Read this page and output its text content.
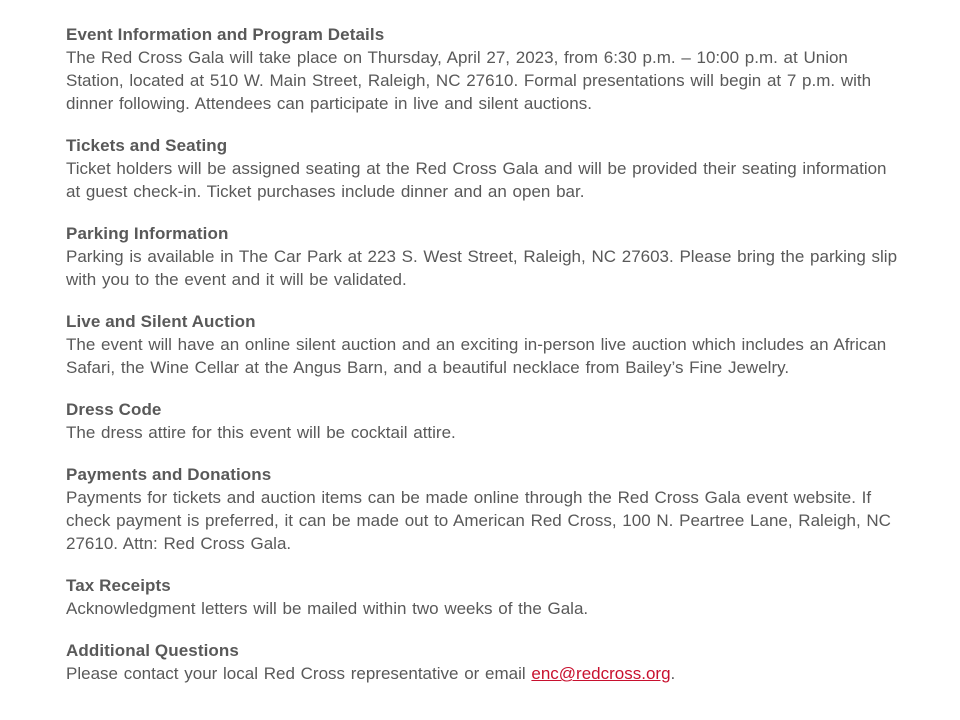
Event Information and Program Details

The Red Cross Gala will take place on Thursday, April 27, 2023, from 6:30 p.m. – 10:00 p.m. at Union Station, located at 510 W. Main Street, Raleigh, NC 27610. Formal presentations will begin at 7 p.m. with dinner following. Attendees can participate in live and silent auctions.

Tickets and Seating

Ticket holders will be assigned seating at the Red Cross Gala and will be provided their seating information at guest check-in. Ticket purchases include dinner and an open bar.

Parking Information

Parking is available in The Car Park at 223 S. West Street, Raleigh, NC 27603. Please bring the parking slip with you to the event and it will be validated.

Live and Silent Auction

The event will have an online silent auction and an exciting in-person live auction which includes an African Safari, the Wine Cellar at the Angus Barn, and a beautiful necklace from Bailey’s Fine Jewelry.

Dress Code

The dress attire for this event will be cocktail attire.

Payments and Donations

Payments for tickets and auction items can be made online through the Red Cross Gala event website. If check payment is preferred, it can be made out to American Red Cross, 100 N. Peartree Lane, Raleigh, NC 27610. Attn: Red Cross Gala.

Tax Receipts

Acknowledgment letters will be mailed within two weeks of the Gala.

Additional Questions

Please contact your local Red Cross representative or email enc@redcross.org.
